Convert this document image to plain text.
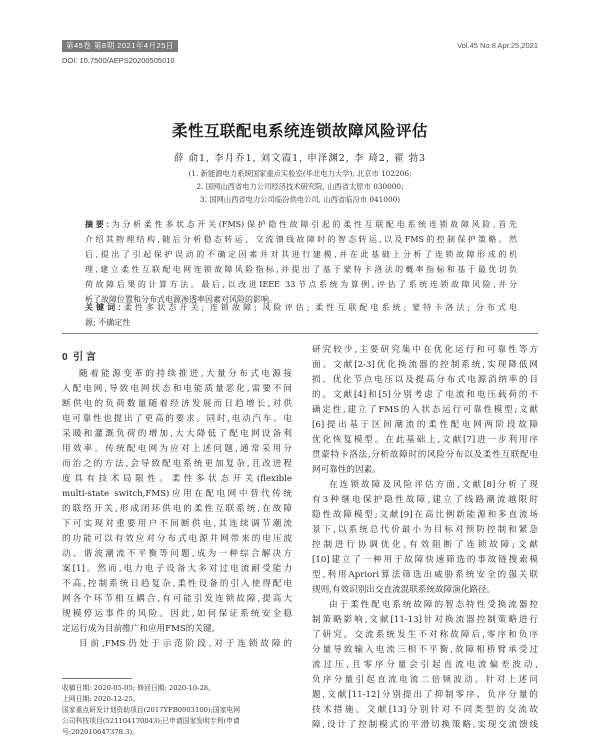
第45卷 第8期 2021年4月25日	Vol.45 No.8 Apr.25,2021
DOI: 10.7500/AEPS20200505010
柔性互联配电系统连锁故障风险评估
薛 俞1, 李月乔1, 刘文霞1, 申泽渊2, 李 琦2, 翟 勃3
(1. 新能源电力系统国家重点实验室(华北电力大学), 北京市 102206;
2. 国网山西省电力公司经济技术研究院, 山西省太原市 030000;
3. 国网山西省电力公司临汾供电公司, 山西省临汾市 041000)
摘要:为分析柔性多状态开关(FMS)保护隐性故障引起的柔性互联配电系统连锁故障风险,首先
介绍其物理结构,随后分析稳态转运、交流馈线故障时的智态转运,以及FMS的控制保护策略。然
后,提出了引起保护误动的不确定因素并对其进行建模,并在此基础上分析了连锁故障形成的机
理,建立柔性互联配电网连锁故障风险指标,并提出了基于蒙特卡洛法的概率指标和基于最优切负
荷故障后果的计算方法。最后,以改进IEEE 33节点系统为算例,评估了系统连锁故障风险,并分
析了故障位置和分布式电源渗透率因素对风险的影响。
关键词:柔性多状态开关; 连锁故障; 风险评估; 柔性互联配电系统; 蒙特卡洛法; 分布式电
源; 不确定性
0 引 言
随着能源变革的持续推进,大量分布式电源接
入配电网,导致电网状态和电能质量恶化,需要不间
断供电的负荷数量随着经济发展而日趋增长,对供
电可靠性也提出了更高的要求。同时,电动汽车、电
采暖和灌溉负荷的增加,大大降低了配电网设备利
用效率。传统配电网为应对上述问题,通常采用分
而治之的方法,会导致配电系统更加复杂,且改进程
度具有技术局限性。柔性多状态开关(flexible
multi-state switch,FMS)应用在配电网中替代传统
的联络开关,形成闭环供电的柔性互联系统,在故障
下可实现对重要用户不间断供电,其连续调节潮流
的功能可以有效应对分布式电源并网带来的电压波
动、谐波潮流不平衡等问题,成为一种综合解决方
案[1]。然而,电力电子设备大多对过电流耐受能力
不高,控制系统日趋复杂,柔性设备的引入使得配电
网各个环节相互耦合,有可能引发连锁故障,提高大
规模停运事件的风险。因此,如何保证系统安全稳
定运行成为目前推广和应用FMS的关键。
目前,FMS仍处于示范阶段,对于连锁故障的
收稿日期: 2020-05-05; 修回日期: 2020-10-28。
上网日期: 2020-12-25。
国家重点研发计划资助项目(2017YFB0903100);国家电网
公司科技项目(521104170043);已申请国家发明专利(申请
号:202010647378.3)。
研究较少,主要研究集中在优化运行和可靠性等方
面。文献[2-3]优化换流器的控制系统,实现降低网
损、优化节点电压以及提高分布式电源消纳率的目
的。文献[4]和[5]分别考虑了电流和电压载荷的不
确定性,建立了FMS的入状态运行可靠性模型;文献
[6]提出基于区间潮流的柔性配电网两阶段故障
优化恢复模型。在此基础上,文献[7]进一步利用序
贯蒙特卡洛法,分析故障时的风险分布以及柔性互联配电
网可靠性的因素。
在连锁故障及风险评估方面,文献[8]分析了现
有3种继电保护隐性故障,建立了线路潮流越限时
隐性故障模型;文献[9]在高比例新能源和多直流场
景下,以系统总代价最小为目标对预防控制和紧急
控制进行协调优化,有效阻断了连锁故障;文献
[10]建立了一种用于故障快速筛选的事故链搜索模
型,利用Apriori算法筛选出威胁系统安全的强关联
规则,有效识别出交直流混联系统故障演化路径。
由于柔性配电系统故障的智态特性受换流器控
制策略影响,文献[11-13]针对换流器控制策略进行
了研究。交流系统发生不对称故障后,零序和负序
分量导致输入电流三相不平衡,故障相桥臂承受过
流过压,且零序分量会引起直流电流偏差波动,
负序分量引起直流电流二倍频波动。针对上述问
题,文献[11-12]分别提出了抑制零序、负序分量的
技术措施。文献[13]分别针对不同类型的交流故
障,设计了控制模式的平滑切换策略,实现交流馈线
